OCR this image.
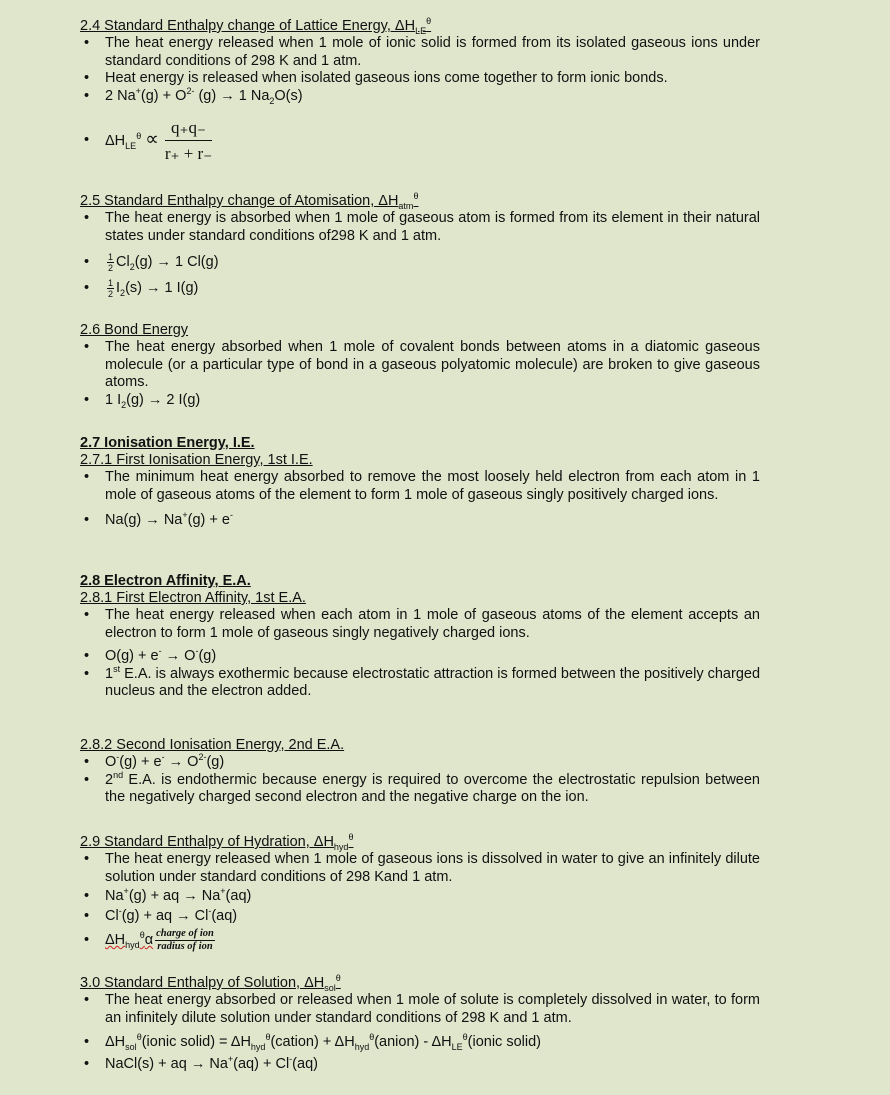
2.4 Standard Enthalpy change of Lattice Energy, $\Delta H_{LE}^\theta$
• The heat energy released when 1 mole of ionic solid is formed from its isolated gaseous ions under standard conditions of 298 K and 1 atm.
• Heat energy is released when isolated gaseous ions come together to form ionic bonds.
• 2 $Na^+(g) + O^{2-}$ (g) → 1 $Na_2O(s)$
• $\Delta H_{LE}^\theta \propto \frac{q_+q_-}{r_+ + r_-}$
2.5 Standard Enthalpy change of Atomisation, $\Delta H_{atm}^\theta$
• The heat energy is absorbed when 1 mole of gaseous atom is formed from its element in their natural states under standard conditions of298 K and 1 atm.
• $\frac{1}{2} Cl_2(g) \to 1$ Cl(g)
• $\frac{1}{2} I_2(s) \to 1$ I(g)
2.6 Bond Energy
• The heat energy absorbed when 1 mole of covalent bonds between atoms in a diatomic gaseous molecule (or a particular type of bond in a gaseous polyatomic molecule) are broken to give gaseous atoms.
• 1 $I_2(g) \to 2$ I(g)
2.7 Ionisation Energy, I.E.
2.7.1 First Ionisation Energy, 1st I.E.
• The minimum heat energy absorbed to remove the most loosely held electron from each atom in 1 mole of gaseous atoms of the element to form 1 mole of gaseous singly positively charged ions.
• Na(g) → Na+(g) + e-
2.8 Electron Affinity, E.A.
2.8.1 First Electron Affinity, 1st E.A.
• The heat energy released when each atom in 1 mole of gaseous atoms of the element accepts an electron to form 1 mole of gaseous singly negatively charged ions.
• O(g) + e- → O-(g)
• 1st E.A. is always exothermic because electrostatic attraction is formed between the positively charged nucleus and the electron added.
2.8.2 Second Ionisation Energy, 2nd E.A.
• $O^-(g) + e^- \to O^{2-}(g)$
• 2nd E.A. is endothermic because energy is required to overcome the electrostatic repulsion between the negatively charged second electron and the negative charge on the ion.
2.9 Standard Enthalpy of Hydration, $\Delta H_{hyd}^\theta$
• The heat energy released when 1 mole of gaseous ions is dissolved in water to give an infinitely dilute solution under standard conditions of 298 Kand 1 atm.
• Na+(g) + aq → Na+(aq)
• Cl-(g) + aq → Cl-(aq)
• $\Delta H_{hyd}^\theta\alpha \frac{\text{charge of ion}}{\text{radius of ion}}$
3.0 Standard Enthalpy of Solution, $\Delta H_{sol}^\theta$
• The heat energy absorbed or released when 1 mole of solute is completely dissolved in water, to form an infinitely dilute solution under standard conditions of 298 K and 1 atm.
• $\Delta H_{sol}^\theta(ionic$ solid) = $\Delta H_{hyd}^\theta(cation)$ + $\Delta H_{hyd}^\theta(anion)$ - $\Delta H_{LE}^\theta(ionic$ solid)
• NaCl(s) + aq → Na+(aq) + Cl-(aq)
